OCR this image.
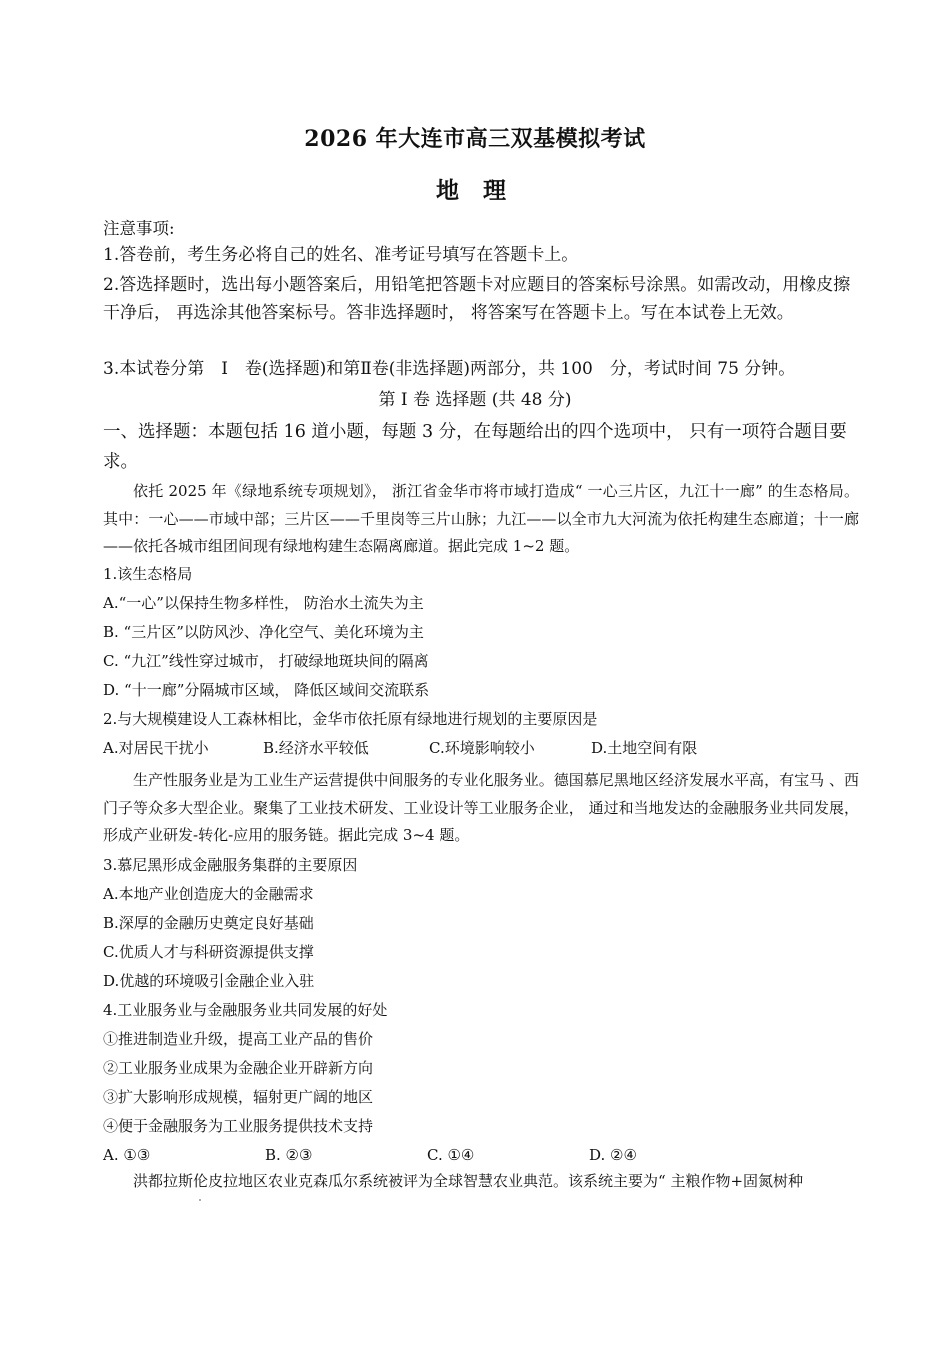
2026 年大连市高三双基模拟考试
地 理
注意事项:
1.答卷前，考生务必将自己的姓名、准考证号填写在答题卡上。
2.答选择题时，选出每小题答案后，用铅笔把答题卡对应题目的答案标号涂黑。如需改动，用橡皮擦干净后， 再选涂其他答案标号。答非选择题时， 将答案写在答题卡上。写在本试卷上无效。
3.本试卷分第　Ⅰ　卷(选择题)和第Ⅱ卷(非选择题)两部分，共 100　分，考试时间 75 分钟。
第 Ⅰ 卷 选择题 (共 48 分)
一、选择题：本题包括 16 道小题，每题 3 分，在每题给出的四个选项中， 只有一项符合题目要求。
依托 2025 年《绿地系统专项规划》， 浙江省金华市将市域打造成“ 一心三片区，九江十一廊” 的生态格局。其中：一心——市域中部；三片区——千里岗等三片山脉；九江——以全市九大河流为依托构建生态廊道；十一廊——依托各城市组团间现有绿地构建生态隔离廊道。据此完成 1~2 题。
1.该生态格局
A.“一心”以保持生物多样性， 防治水土流失为主
B. “三片区”以防风沙、净化空气、美化环境为主
C. “九江”线性穿过城市， 打破绿地斑块间的隔离
D. “十一廊”分隔城市区域， 降低区域间交流联系
2.与大规模建设人工森林相比，金华市依托原有绿地进行规划的主要原因是
A.对居民干扰小	B.经济水平较低	C.环境影响较小	D.土地空间有限
生产性服务业是为工业生产运营提供中间服务的专业化服务业。德国慕尼黑地区经济发展水平高，有宝马 、西门子等众多大型企业。聚集了工业技术研发、工业设计等工业服务企业， 通过和当地发达的金融服务业共同发展，形成产业研发-转化-应用的服务链。据此完成 3~4 题。
3.慕尼黑形成金融服务集群的主要原因
A.本地产业创造庞大的金融需求
B.深厚的金融历史奠定良好基础
C.优质人才与科研资源提供支撑
D.优越的环境吸引金融企业入驻
4.工业服务业与金融服务业共同发展的好处
①推进制造业升级，提高工业产品的售价
②工业服务业成果为金融企业开辟新方向
③扩大影响形成规模，辐射更广阔的地区
④便于金融服务为工业服务提供技术支持
A. ①③	B. ②③	C. ①④	D. ②④
洪都拉斯伦皮拉地区农业克森瓜尔系统被评为全球智慧农业典范。该系统主要为“ 主粮作物+固氮树种
